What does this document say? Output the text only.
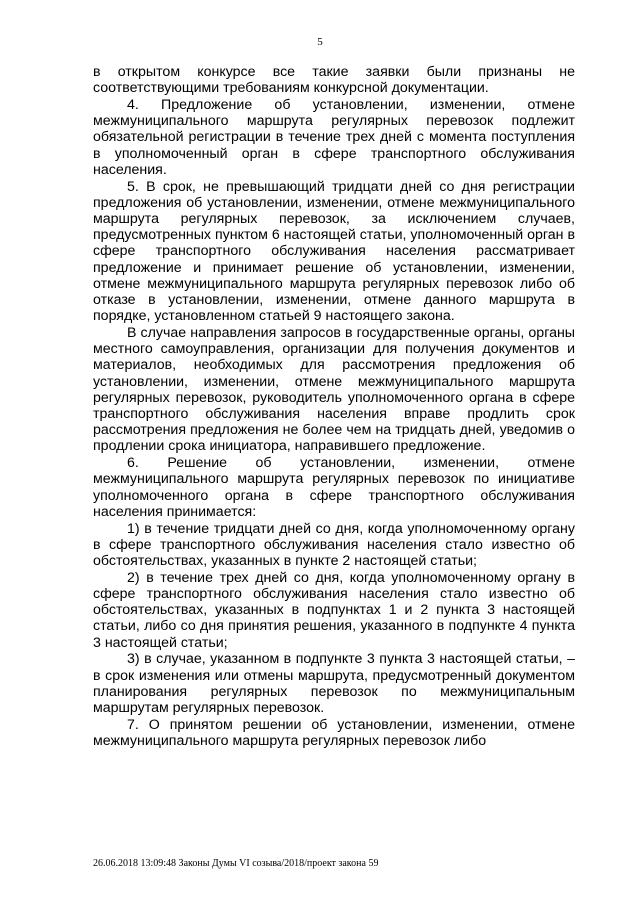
5

в открытом конкурсе все такие заявки были признаны не соответствующими требованиям конкурсной документации.

4. Предложение об установлении, изменении, отмене межмуниципального маршрута регулярных перевозок подлежит обязательной регистрации в течение трех дней с момента поступления в уполномоченный орган в сфере транспортного обслуживания населения.

5. В срок, не превышающий тридцати дней со дня регистрации предложения об установлении, изменении, отмене межмуниципального маршрута регулярных перевозок, за исключением случаев, предусмотренных пунктом 6 настоящей статьи, уполномоченный орган в сфере транспортного обслуживания населения рассматривает предложение и принимает решение об установлении, изменении, отмене межмуниципального маршрута регулярных перевозок либо об отказе в установлении, изменении, отмене данного маршрута в порядке, установленном статьей 9 настоящего закона.

В случае направления запросов в государственные органы, органы местного самоуправления, организации для получения документов и материалов, необходимых для рассмотрения предложения об установлении, изменении, отмене межмуниципального маршрута регулярных перевозок, руководитель уполномоченного органа в сфере транспортного обслуживания населения вправе продлить срок рассмотрения предложения не более чем на тридцать дней, уведомив о продлении срока инициатора, направившего предложение.

6. Решение об установлении, изменении, отмене межмуниципального маршрута регулярных перевозок по инициативе уполномоченного органа в сфере транспортного обслуживания населения принимается:

1) в течение тридцати дней со дня, когда уполномоченному органу в сфере транспортного обслуживания населения стало известно об обстоятельствах, указанных в пункте 2 настоящей статьи;

2) в течение трех дней со дня, когда уполномоченному органу в сфере транспортного обслуживания населения стало известно об обстоятельствах, указанных в подпунктах 1 и 2 пункта 3 настоящей статьи, либо со дня принятия решения, указанного в подпункте 4 пункта 3 настоящей статьи;

3) в случае, указанном в подпункте 3 пункта 3 настоящей статьи, – в срок изменения или отмены маршрута, предусмотренный документом планирования регулярных перевозок по межмуниципальным маршрутам регулярных перевозок.

7. О принятом решении об установлении, изменении, отмене межмуниципального маршрута регулярных перевозок либо

26.06.2018 13:09:48 Законы Думы VI созыва/2018/проект закона 59
